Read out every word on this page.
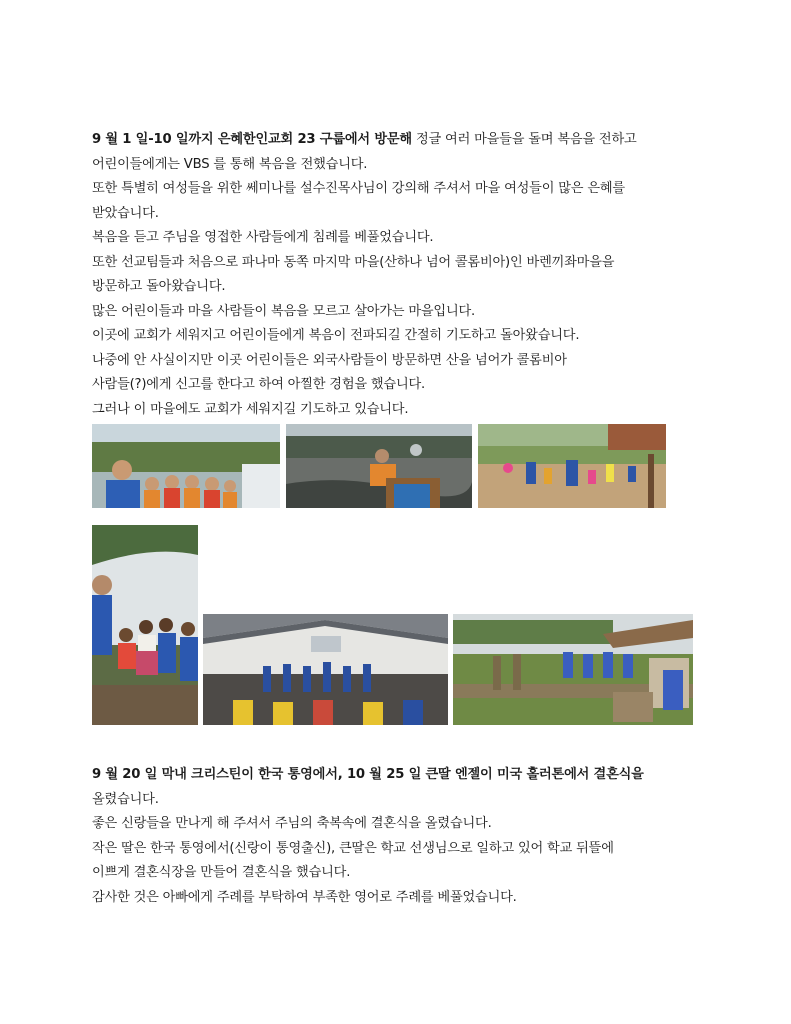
9 월 1 일-10 일까지 은혜한인교회 23 구룹에서 방문해 정글 여러 마을들을 돌며 복음을 전하고
어린이들에게는 VBS 를 통해 복음을 전했습니다.
또한 특별히 여성들을 위한 쎄미나를 설수진목사님이 강의해 주셔서 마을 여성들이 많은 은혜를
받았습니다.
복음을 듣고 주님을 영접한 사람들에게 침례를 베풀었습니다.
또한 선교팀들과 처음으로 파나마 동쪽 마지막 마을(산하나 넘어 콜롬비아)인 바렌끼좌마을을
방문하고 돌아왔습니다.
많은 어린이들과 마을 사람들이 복음을 모르고 살아가는 마을입니다.
이곳에 교회가 세워지고 어린이들에게 복음이 전파되길 간절히 기도하고 돌아왔습니다.
나중에 안 사실이지만 이곳 어린이들은 외국사람들이 방문하면 산을 넘어가 콜롬비아
사람들(?)에게 신고를 한다고 하여 아찔한 경험을 했습니다.
그러나 이 마을에도 교회가 세워지길 기도하고 있습니다.
9 월 20 일 막내 크리스틴이 한국 통영에서, 10 월 25 일 큰딸 엔젤이 미국 홀러톤에서 결혼식을
올렸습니다.
좋은 신랑들을 만나게 해 주셔서 주님의 축복속에 결혼식을 올렸습니다.
작은 딸은 한국 통영에서(신랑이 통영출신), 큰딸은 학교 선생님으로 일하고 있어 학교 뒤뜰에
이쁘게 결혼식장을 만들어 결혼식을 했습니다.
감사한 것은 아빠에게 주례를 부탁하여 부족한 영어로 주례를 베풀었습니다.
